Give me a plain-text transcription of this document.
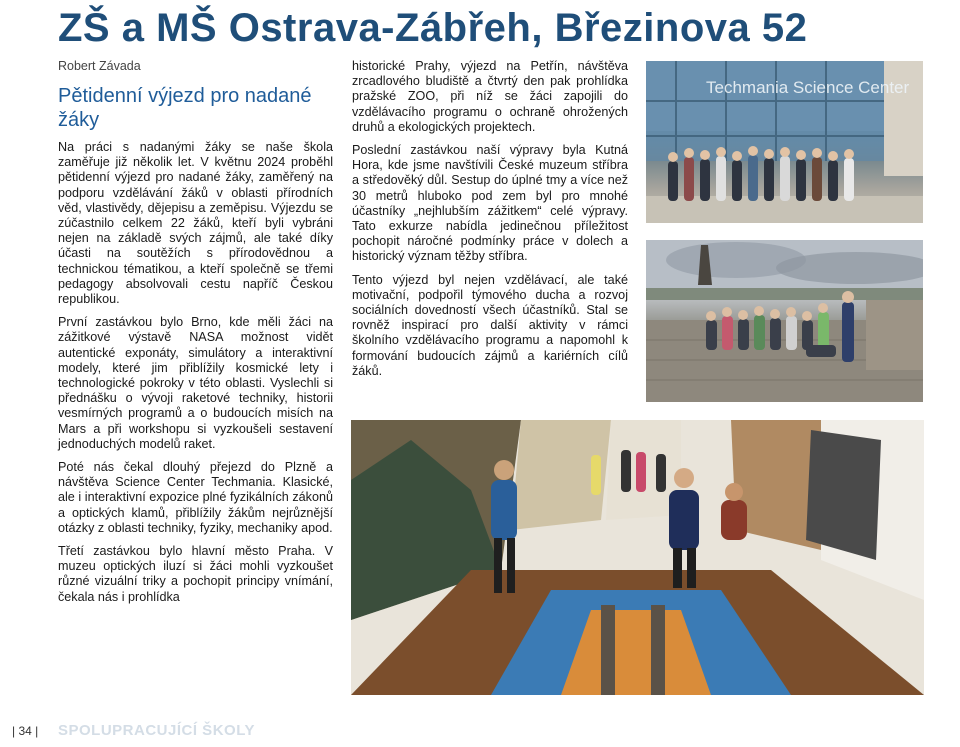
ZŠ a MŠ Ostrava-Zábřeh, Březinova 52
Robert Závada
Pětidenní výjezd pro nadané žáky

Na práci s nadanými žáky se naše škola zaměřuje již několik let. V květnu 2024 proběhl pětidenní výjezd pro nadané žáky, zaměřený na podporu vzdělávání žáků v oblasti přírodních věd, vlastivědy, dějepisu a zeměpisu. Výjezdu se zúčastnilo celkem 22 žáků, kteří byli vybráni nejen na základě svých zájmů, ale také díky účasti na soutěžích s přírodovědnou a technickou tématikou, a kteří společně se třemi pedagogy absolvovali cestu napříč Českou republikou.

První zastávkou bylo Brno, kde měli žáci na zážitkové výstavě NASA možnost vidět autentické exponáty, simulátory a interaktivní modely, které jim přiblížily kosmické lety i technologické pokroky v této oblasti. Vyslechli si přednášku o vývoji raketové techniky, historii vesmírných programů a o budoucích misích na Mars a při workshopu si vyzkoušeli sestavení jednoduchých modelů raket.

Poté nás čekal dlouhý přejezd do Plzně a návštěva Science Center Techmania. Klasické, ale i interaktivní expozice plné fyzikálních zákonů a optických klamů, přiblížily žákům nejrůznější otázky z oblasti techniky, fyziky, mechaniky apod.

Třetí zastávkou bylo hlavní město Praha. V muzeu optických iluzí si žáci mohli vyzkoušet různé vizuální triky a pochopit principy vnímání, čekala nás i prohlídka

historické Prahy, výjezd na Petřín, návštěva zrcadlového bludiště a čtvrtý den pak prohlídka pražské ZOO, při níž se žáci zapojili do vzdělávacího programu o ochraně ohrožených druhů a ekologických projektech.

Poslední zastávkou naší výpravy byla Kutná Hora, kde jsme navštívili České muzeum stříbra a středověký důl. Sestup do úplné tmy a více než 30 metrů hluboko pod zem byl pro mnohé účastníky „nejhlubším zážitkem“ celé výpravy. Tato exkurze nabídla jedinečnou příležitost pochopit náročné podmínky práce v dolech a historický význam těžby stříbra.

Tento výjezd byl nejen vzdělávací, ale také motivační, podpořil týmového ducha a rozvoj sociálních dovedností všech účastníků. Stal se rovněž inspirací pro další aktivity v rámci školního vzdělávacího programu a napomohl k formování budoucích zájmů a kariérních cílů žáků.

Techmania Science Center
| 34 | SPOLUPRACUJÍCÍ ŠKOLY
